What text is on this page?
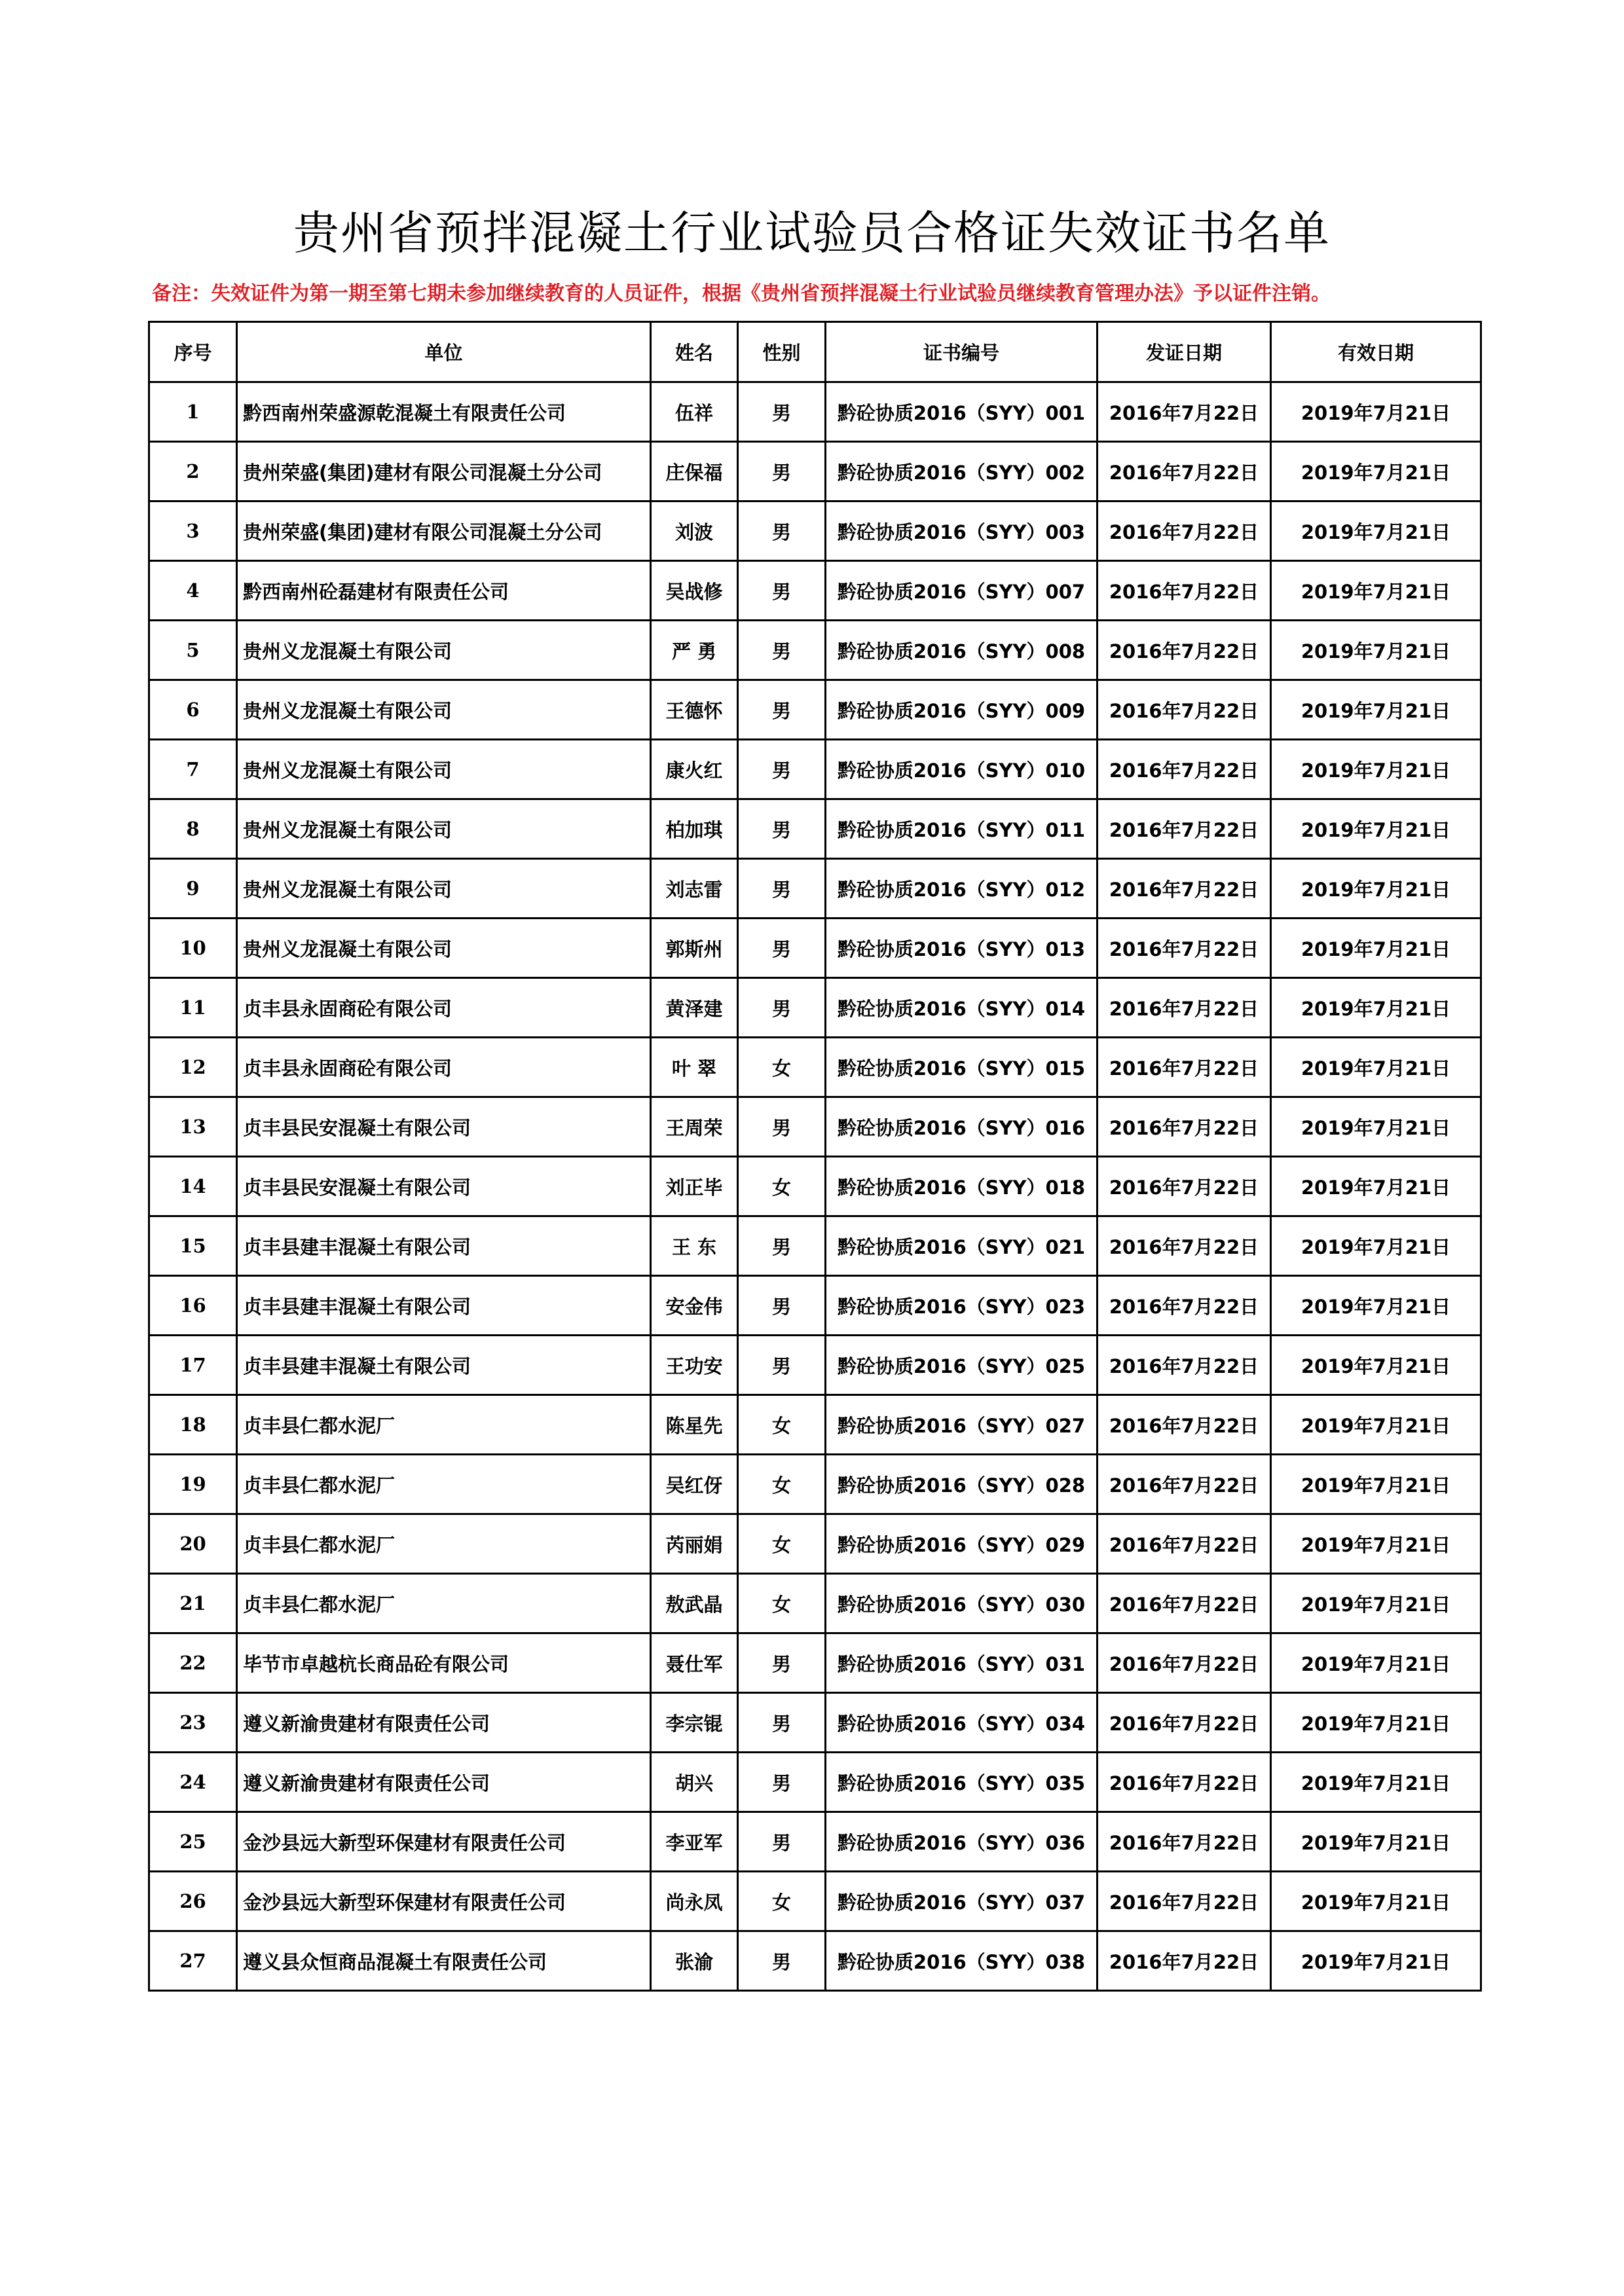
贵州省预拌混凝土行业试验员合格证失效证书名单
备注：失效证件为第一期至第七期未参加继续教育的人员证件，根据《贵州省预拌混凝土行业试验员继续教育管理办法》予以证件注销。
序号	单位	姓名	性别	证书编号	发证日期	有效日期
1	黔西南州荣盛源乾混凝土有限责任公司	伍祥	男	黔砼协质2016（SYY）001	2016年7月22日	2019年7月21日
2	贵州荣盛(集团)建材有限公司混凝土分公司	庄保福	男	黔砼协质2016（SYY）002	2016年7月22日	2019年7月21日
3	贵州荣盛(集团)建材有限公司混凝土分公司	刘波	男	黔砼协质2016（SYY）003	2016年7月22日	2019年7月21日
4	黔西南州砼磊建材有限责任公司	吴战修	男	黔砼协质2016（SYY）007	2016年7月22日	2019年7月21日
5	贵州义龙混凝土有限公司	严 勇	男	黔砼协质2016（SYY）008	2016年7月22日	2019年7月21日
6	贵州义龙混凝土有限公司	王德怀	男	黔砼协质2016（SYY）009	2016年7月22日	2019年7月21日
7	贵州义龙混凝土有限公司	康火红	男	黔砼协质2016（SYY）010	2016年7月22日	2019年7月21日
8	贵州义龙混凝土有限公司	柏加琪	男	黔砼协质2016（SYY）011	2016年7月22日	2019年7月21日
9	贵州义龙混凝土有限公司	刘志雷	男	黔砼协质2016（SYY）012	2016年7月22日	2019年7月21日
10	贵州义龙混凝土有限公司	郭斯州	男	黔砼协质2016（SYY）013	2016年7月22日	2019年7月21日
11	贞丰县永固商砼有限公司	黄泽建	男	黔砼协质2016（SYY）014	2016年7月22日	2019年7月21日
12	贞丰县永固商砼有限公司	叶 翠	女	黔砼协质2016（SYY）015	2016年7月22日	2019年7月21日
13	贞丰县民安混凝土有限公司	王周荣	男	黔砼协质2016（SYY）016	2016年7月22日	2019年7月21日
14	贞丰县民安混凝土有限公司	刘正毕	女	黔砼协质2016（SYY）018	2016年7月22日	2019年7月21日
15	贞丰县建丰混凝土有限公司	王 东	男	黔砼协质2016（SYY）021	2016年7月22日	2019年7月21日
16	贞丰县建丰混凝土有限公司	安金伟	男	黔砼协质2016（SYY）023	2016年7月22日	2019年7月21日
17	贞丰县建丰混凝土有限公司	王功安	男	黔砼协质2016（SYY）025	2016年7月22日	2019年7月21日
18	贞丰县仁都水泥厂	陈星先	女	黔砼协质2016（SYY）027	2016年7月22日	2019年7月21日
19	贞丰县仁都水泥厂	吴红伢	女	黔砼协质2016（SYY）028	2016年7月22日	2019年7月21日
20	贞丰县仁都水泥厂	芮丽娟	女	黔砼协质2016（SYY）029	2016年7月22日	2019年7月21日
21	贞丰县仁都水泥厂	敖武晶	女	黔砼协质2016（SYY）030	2016年7月22日	2019年7月21日
22	毕节市卓越杭长商品砼有限公司	聂仕军	男	黔砼协质2016（SYY）031	2016年7月22日	2019年7月21日
23	遵义新渝贵建材有限责任公司	李宗锟	男	黔砼协质2016（SYY）034	2016年7月22日	2019年7月21日
24	遵义新渝贵建材有限责任公司	胡兴	男	黔砼协质2016（SYY）035	2016年7月22日	2019年7月21日
25	金沙县远大新型环保建材有限责任公司	李亚军	男	黔砼协质2016（SYY）036	2016年7月22日	2019年7月21日
26	金沙县远大新型环保建材有限责任公司	尚永凤	女	黔砼协质2016（SYY）037	2016年7月22日	2019年7月21日
27	遵义县众恒商品混凝土有限责任公司	张渝	男	黔砼协质2016（SYY）038	2016年7月22日	2019年7月21日
